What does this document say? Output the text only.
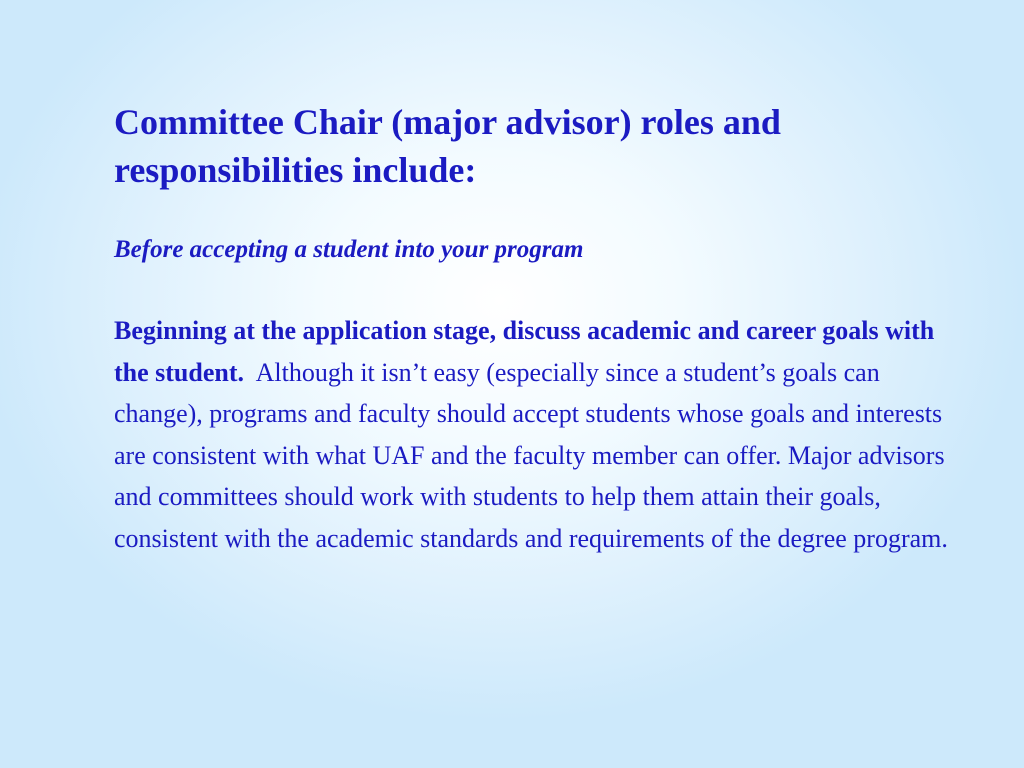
Committee Chair (major advisor) roles and responsibilities include:

Before accepting a student into your program

Beginning at the application stage, discuss academic and career goals with the student. Although it isn’t easy (especially since a student’s goals can change), programs and faculty should accept students whose goals and interests are consistent with what UAF and the faculty member can offer. Major advisors and committees should work with students to help them attain their goals, consistent with the academic standards and requirements of the degree program.
